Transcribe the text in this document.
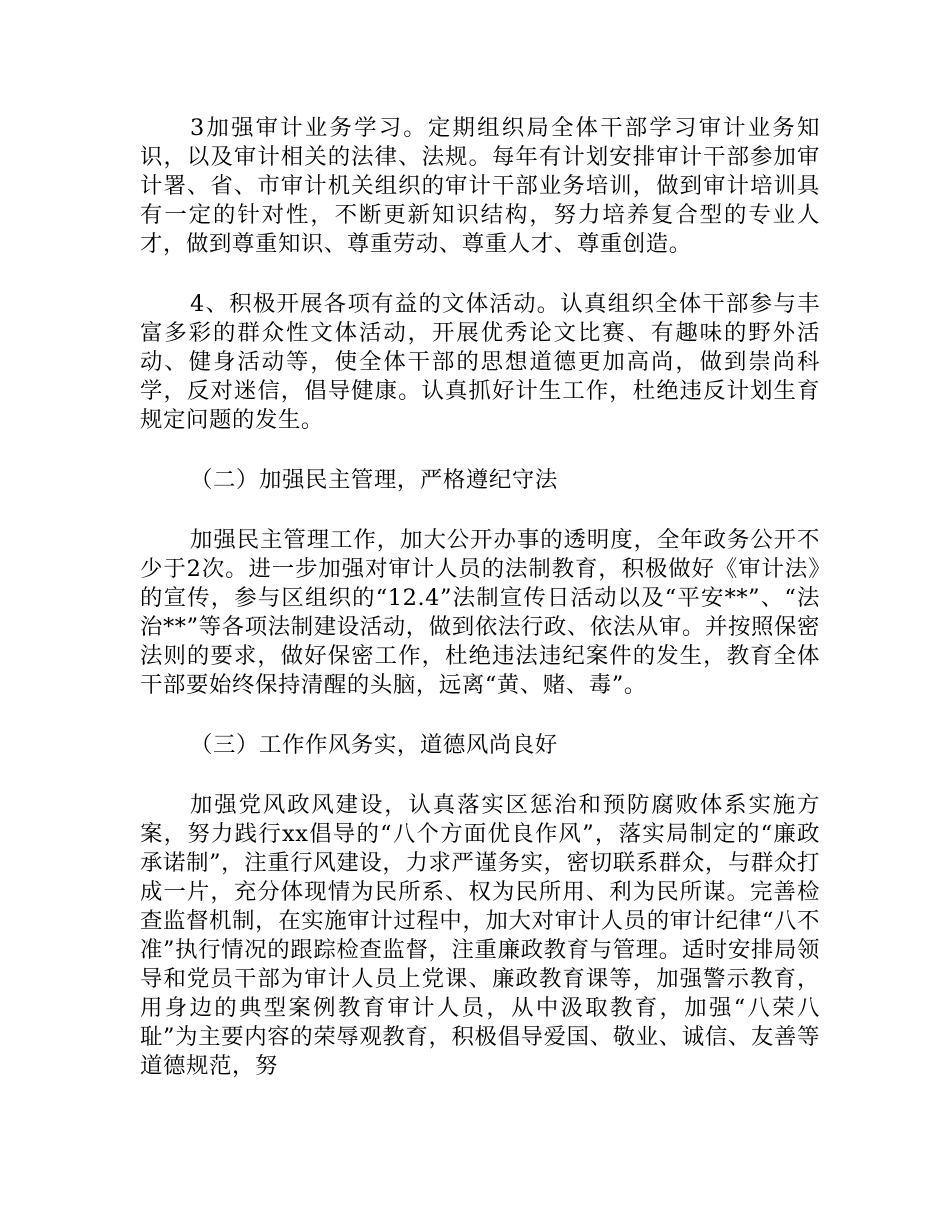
3加强审计业务学习。定期组织局全体干部学习审计业务知识，以及审计相关的法律、法规。每年有计划安排审计干部参加审计署、省、市审计机关组织的审计干部业务培训，做到审计培训具有一定的针对性，不断更新知识结构，努力培养复合型的专业人才，做到尊重知识、尊重劳动、尊重人才、尊重创造。

4、积极开展各项有益的文体活动。认真组织全体干部参与丰富多彩的群众性文体活动，开展优秀论文比赛、有趣味的野外活动、健身活动等，使全体干部的思想道德更加高尚，做到崇尚科学，反对迷信，倡导健康。认真抓好计生工作，杜绝违反计划生育规定问题的发生。

（二）加强民主管理，严格遵纪守法

加强民主管理工作，加大公开办事的透明度，全年政务公开不少于2次。进一步加强对审计人员的法制教育，积极做好《审计法》的宣传，参与区组织的“12.4”法制宣传日活动以及“平安**”、“法治**”等各项法制建设活动，做到依法行政、依法从审。并按照保密法则的要求，做好保密工作，杜绝违法违纪案件的发生，教育全体干部要始终保持清醒的头脑，远离“黄、赌、毒”。

（三）工作作风务实，道德风尚良好

加强党风政风建设，认真落实区惩治和预防腐败体系实施方案，努力践行xx倡导的“八个方面优良作风”，落实局制定的“廉政承诺制”，注重行风建设，力求严谨务实，密切联系群众，与群众打成一片，充分体现情为民所系、权为民所用、利为民所谋。完善检查监督机制，在实施审计过程中，加大对审计人员的审计纪律“八不准”执行情况的跟踪检查监督，注重廉政教育与管理。适时安排局领导和党员干部为审计人员上党课、廉政教育课等，加强警示教育，用身边的典型案例教育审计人员，从中汲取教育，加强“八荣八耻”为主要内容的荣辱观教育，积极倡导爱国、敬业、诚信、友善等道德规范，努
